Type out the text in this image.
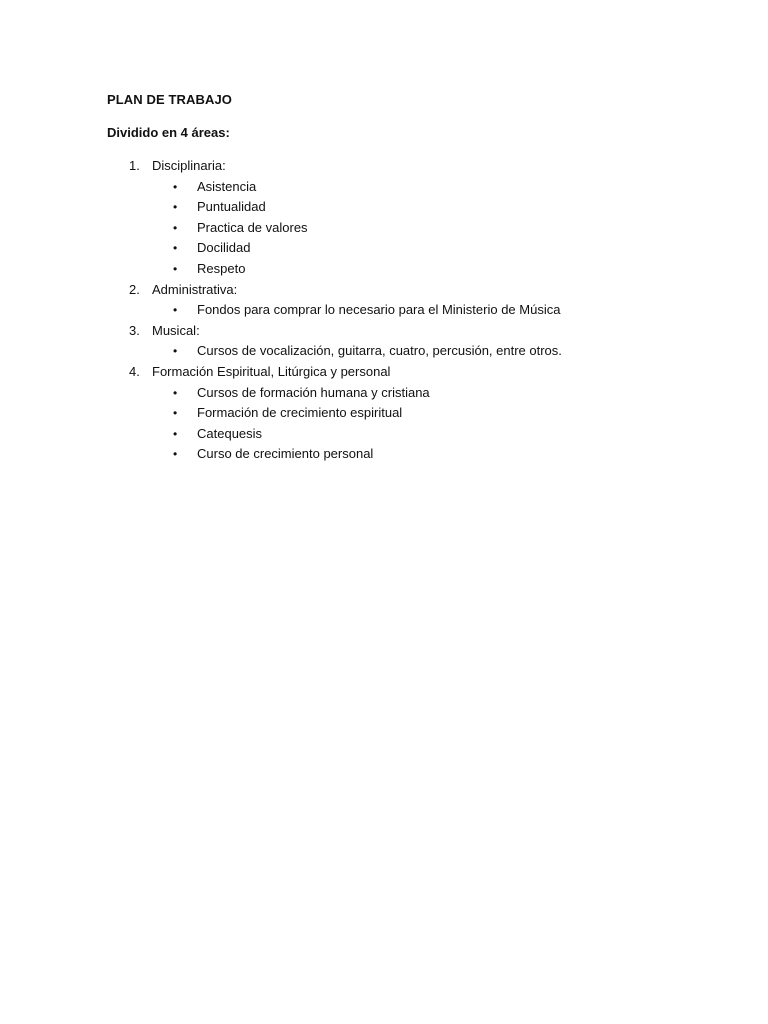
PLAN DE TRABAJO
Dividido en 4 áreas:
1. Disciplinaria:
• Asistencia
• Puntualidad
• Practica de valores
• Docilidad
• Respeto
2. Administrativa:
• Fondos para comprar lo necesario para el Ministerio de Música
3. Musical:
• Cursos de vocalización, guitarra, cuatro, percusión, entre otros.
4. Formación Espiritual, Litúrgica y personal
• Cursos de formación humana y cristiana
• Formación de crecimiento espiritual
• Catequesis
• Curso de crecimiento personal
